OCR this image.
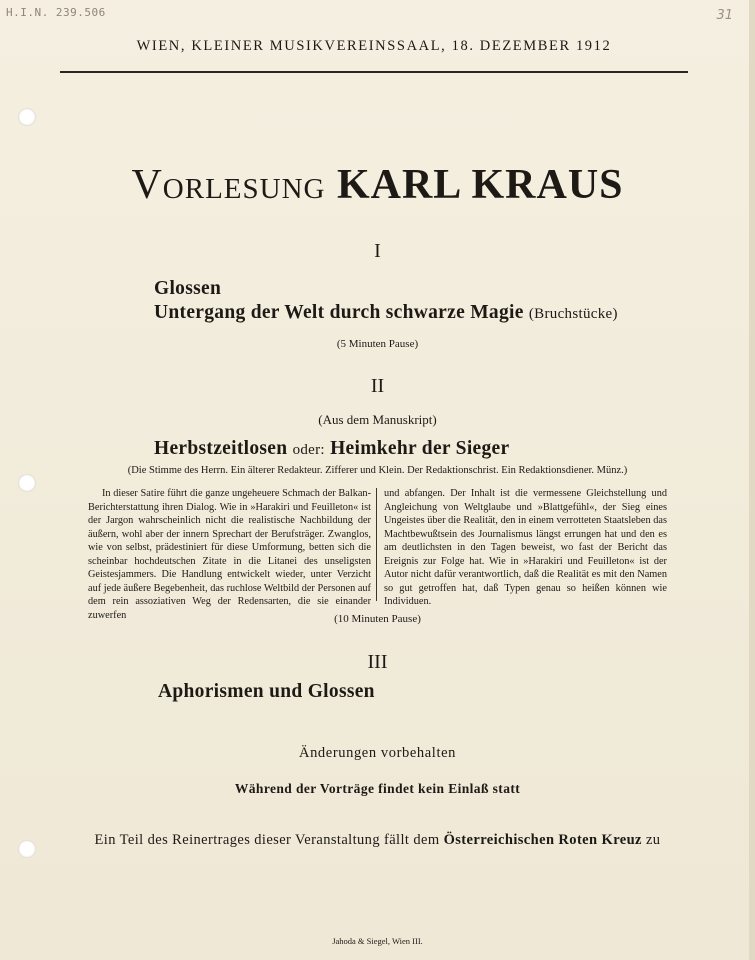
H.I.N. 239.506	31
WIEN, KLEINER MUSIKVEREINSSAAL, 18. DEZEMBER 1912
Vorlesung KARL KRAUS
I
Glossen
Untergang der Welt durch schwarze Magie (Bruchstücke)
(5 Minuten Pause)
II
(Aus dem Manuskript)
Herbstzeitlosen oder: Heimkehr der Sieger
(Die Stimme des Herrn. Ein älterer Redakteur. Zifferer und Klein. Der Redaktionschrist. Ein Redaktionsdiener. Münz.)

In dieser Satire führt die ganze ungeheuere Schmach der Balkan-Berichterstattung ihren Dialog. Wie in »Harakiri und Feuilleton« ist der Jargon wahrscheinlich nicht die realistische Nachbildung der äußern, wohl aber der innern Sprechart der Berufsträger. Zwanglos, wie von selbst, prädestiniert für diese Umformung, betten sich die scheinbar hochdeutschen Zitate in die Litanei des unseligsten Geistesjammers. Die Handlung entwickelt wieder, unter Verzicht auf jede äußere Begebenheit, das ruchlose Weltbild der Personen auf dem rein assoziativen Weg der Redensarten, die sie einander zuwerfen

und abfangen. Der Inhalt ist die vermessene Gleichstellung und Angleichung von Weltglaube und »Blattgefühl«, der Sieg eines Ungeistes über die Realität, den in einem verrotteten Staatsleben das Machtbewußtsein des Journalismus längst errungen hat und den es am deutlichsten in den Tagen beweist, wo fast der Bericht das Ereignis zur Folge hat. Wie in »Harakiri und Feuilleton« ist der Autor nicht dafür verantwortlich, daß die Realität es mit den Namen so gut getroffen hat, daß Typen genau so heißen können wie Individuen.

(10 Minuten Pause)
III
Aphorismen und Glossen
Änderungen vorbehalten
Während der Vorträge findet kein Einlaß statt
Ein Teil des Reinertrages dieser Veranstaltung fällt dem Österreichischen Roten Kreuz zu
Jahoda & Siegel, Wien III.
